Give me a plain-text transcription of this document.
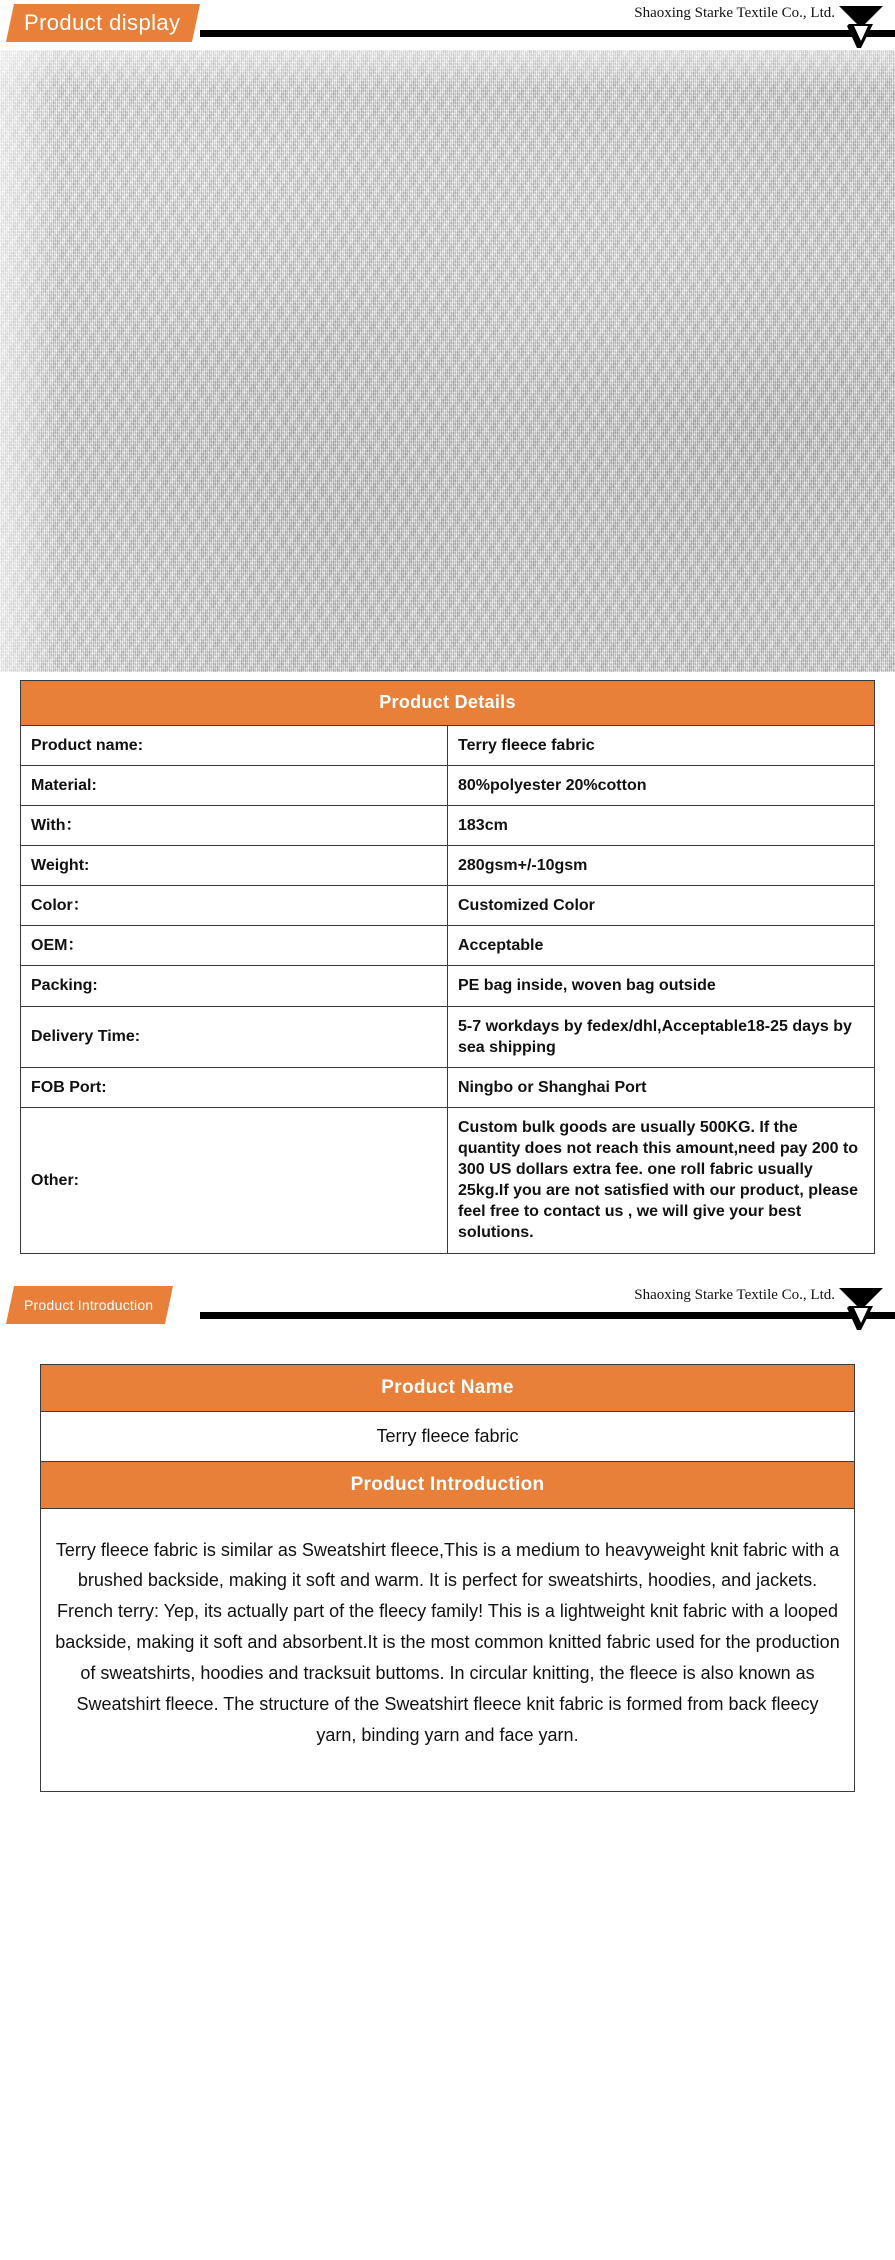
Product display	Shaoxing Starke Textile Co., Ltd.
Product Details	
Product name:	Terry fleece fabric
Material:	80%polyester 20%cotton
With：	183cm
Weight:	280gsm+/-10gsm
Color：	Customized Color
OEM：	Acceptable
Packing:	PE bag inside, woven bag outside
Delivery Time:	5-7 workdays by fedex/dhl,Acceptable18-25 days by sea shipping
FOB Port:	Ningbo or Shanghai Port
Other:	Custom bulk goods are usually 500KG. If the quantity does not reach this amount,need pay 200 to 300 US dollars extra fee. one roll fabric usually 25kg.If you are not satisfied with our product, please feel free to contact us , we will give your best solutions.
Product Introduction
Shaoxing Starke Textile Co., Ltd.
Product Name
Terry fleece fabric
Product Introduction
Terry fleece fabric is similar as Sweatshirt fleece,This is a medium to heavyweight knit fabric with a brushed backside, making it soft and warm. It is perfect for sweatshirts, hoodies, and jackets. French terry: Yep, its actually part of the fleecy family! This is a lightweight knit fabric with a looped backside, making it soft and absorbent.It is the most common knitted fabric used for the production of sweatshirts, hoodies and tracksuit buttoms. In circular knitting, the fleece is also known as Sweatshirt fleece. The structure of the Sweatshirt fleece knit fabric is formed from back fleecy yarn, binding yarn and face yarn.
